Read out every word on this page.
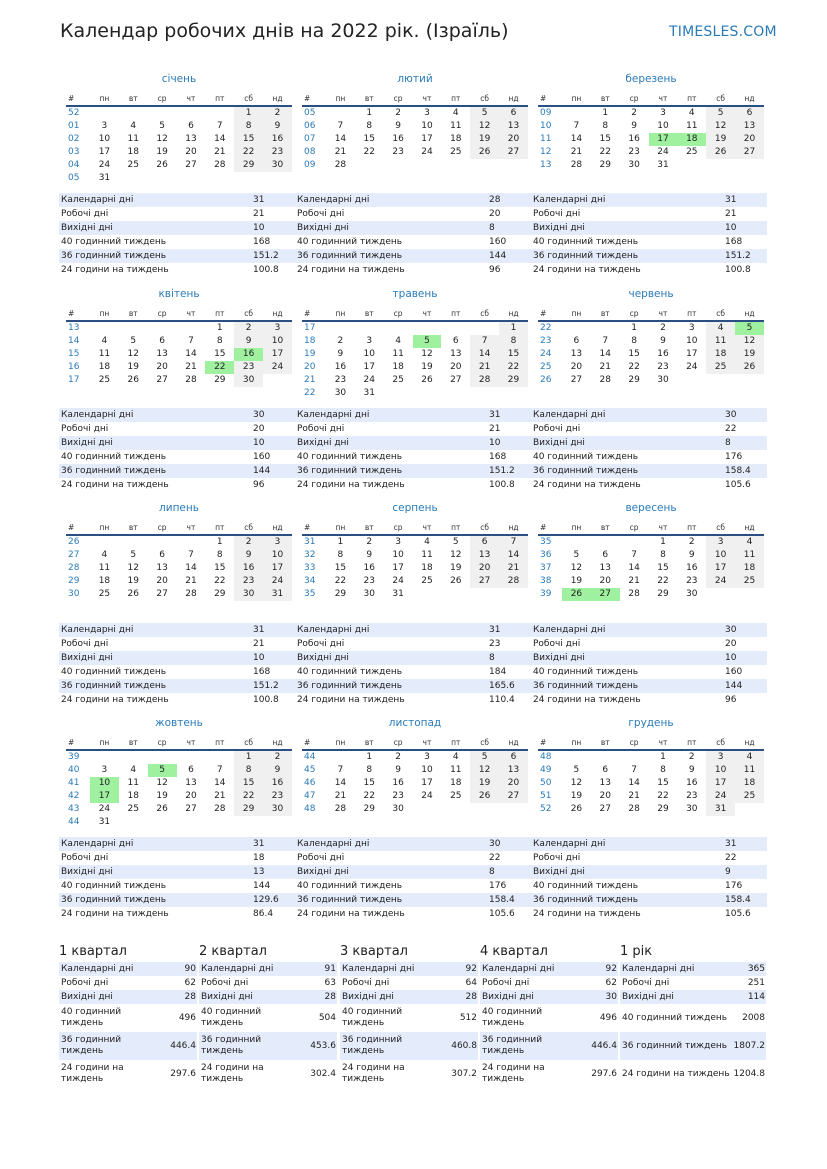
Календар робочих днів на 2022 рік. (Ізраїль)	TIMESLES.COM
січень
#	пн	вт	ср	чт	пт	сб	нд
52						1	2
01	3	4	5	6	7	8	9
02	10	11	12	13	14	15	16
03	17	18	19	20	21	22	23
04	24	25	26	27	28	29	30
05	31						
Календарні дні	31
Робочі дні	21
Вихідні дні	10
40 годинний тиждень	168
36 годинний тиждень	151.2
24 години на тиждень	100.8
лютий
#	пн	вт	ср	чт	пт	сб	нд
05		1	2	3	4	5	6
06	7	8	9	10	11	12	13
07	14	15	16	17	18	19	20
08	21	22	23	24	25	26	27
09	28						
Календарні дні	28
Робочі дні	20
Вихідні дні	8
40 годинний тиждень	160
36 годинний тиждень	144
24 години на тиждень	96
березень
#	пн	вт	ср	чт	пт	сб	нд
09		1	2	3	4	5	6
10	7	8	9	10	11	12	13
11	14	15	16	17	18	19	20
12	21	22	23	24	25	26	27
13	28	29	30	31			
Календарні дні	31
Робочі дні	21
Вихідні дні	10
40 годинний тиждень	168
36 годинний тиждень	151.2
24 години на тиждень	100.8
квітень
#	пн	вт	ср	чт	пт	сб	нд
13					1	2	3
14	4	5	6	7	8	9	10
15	11	12	13	14	15	16	17
16	18	19	20	21	22	23	24
17	25	26	27	28	29	30	
Календарні дні	30
Робочі дні	20
Вихідні дні	10
40 годинний тиждень	160
36 годинний тиждень	144
24 години на тиждень	96
травень
#	пн	вт	ср	чт	пт	сб	нд
17							1
18	2	3	4	5	6	7	8
19	9	10	11	12	13	14	15
20	16	17	18	19	20	21	22
21	23	24	25	26	27	28	29
22	30	31					
Календарні дні	31
Робочі дні	21
Вихідні дні	10
40 годинний тиждень	168
36 годинний тиждень	151.2
24 години на тиждень	100.8
червень
#	пн	вт	ср	чт	пт	сб	нд
22			1	2	3	4	5
23	6	7	8	9	10	11	12
24	13	14	15	16	17	18	19
25	20	21	22	23	24	25	26
26	27	28	29	30			
Календарні дні	30
Робочі дні	22
Вихідні дні	8
40 годинний тиждень	176
36 годинний тиждень	158.4
24 години на тиждень	105.6
липень
#	пн	вт	ср	чт	пт	сб	нд
26					1	2	3
27	4	5	6	7	8	9	10
28	11	12	13	14	15	16	17
29	18	19	20	21	22	23	24
30	25	26	27	28	29	30	31
Календарні дні	31
Робочі дні	21
Вихідні дні	10
40 годинний тиждень	168
36 годинний тиждень	151.2
24 години на тиждень	100.8
серпень
#	пн	вт	ср	чт	пт	сб	нд
31	1	2	3	4	5	6	7
32	8	9	10	11	12	13	14
33	15	16	17	18	19	20	21
34	22	23	24	25	26	27	28
35	29	30	31				
Календарні дні	31
Робочі дні	23
Вихідні дні	8
40 годинний тиждень	184
36 годинний тиждень	165.6
24 години на тиждень	110.4
вересень
#	пн	вт	ср	чт	пт	сб	нд
35				1	2	3	4
36	5	6	7	8	9	10	11
37	12	13	14	15	16	17	18
38	19	20	21	22	23	24	25
39	26	27	28	29	30		
Календарні дні	30
Робочі дні	20
Вихідні дні	10
40 годинний тиждень	160
36 годинний тиждень	144
24 години на тиждень	96
жовтень
#	пн	вт	ср	чт	пт	сб	нд
39						1	2
40	3	4	5	6	7	8	9
41	10	11	12	13	14	15	16
42	17	18	19	20	21	22	23
43	24	25	26	27	28	29	30
44	31						
Календарні дні	31
Робочі дні	18
Вихідні дні	13
40 годинний тиждень	144
36 годинний тиждень	129.6
24 години на тиждень	86.4
листопад
#	пн	вт	ср	чт	пт	сб	нд
44		1	2	3	4	5	6
45	7	8	9	10	11	12	13
46	14	15	16	17	18	19	20
47	21	22	23	24	25	26	27
48	28	29	30				
Календарні дні	30
Робочі дні	22
Вихідні дні	8
40 годинний тиждень	176
36 годинний тиждень	158.4
24 години на тиждень	105.6
грудень
#	пн	вт	ср	чт	пт	сб	нд
48				1	2	3	4
49	5	6	7	8	9	10	11
50	12	13	14	15	16	17	18
51	19	20	21	22	23	24	25
52	26	27	28	29	30	31	
Календарні дні	31
Робочі дні	22
Вихідні дні	9
40 годинний тиждень	176
36 годинний тиждень	158.4
24 години на тиждень	105.6
1 квартал
Календарні дні	90
Робочі дні	62
Вихідні дні	28
40 годинний тиждень	496
36 годинний тиждень	446.4
24 години на тиждень	297.6
2 квартал
Календарні дні	91
Робочі дні	63
Вихідні дні	28
40 годинний тиждень	504
36 годинний тиждень	453.6
24 години на тиждень	302.4
3 квартал
Календарні дні	92
Робочі дні	64
Вихідні дні	28
40 годинний тиждень	512
36 годинний тиждень	460.8
24 години на тиждень	307.2
4 квартал
Календарні дні	92
Робочі дні	62
Вихідні дні	30
40 годинний тиждень	496
36 годинний тиждень	446.4
24 години на тиждень	297.6
1 рік
Календарні дні	365
Робочі дні	251
Вихідні дні	114
40 годинний тиждень	2008
36 годинний тиждень	1807.2
24 години на тиждень	1204.8
